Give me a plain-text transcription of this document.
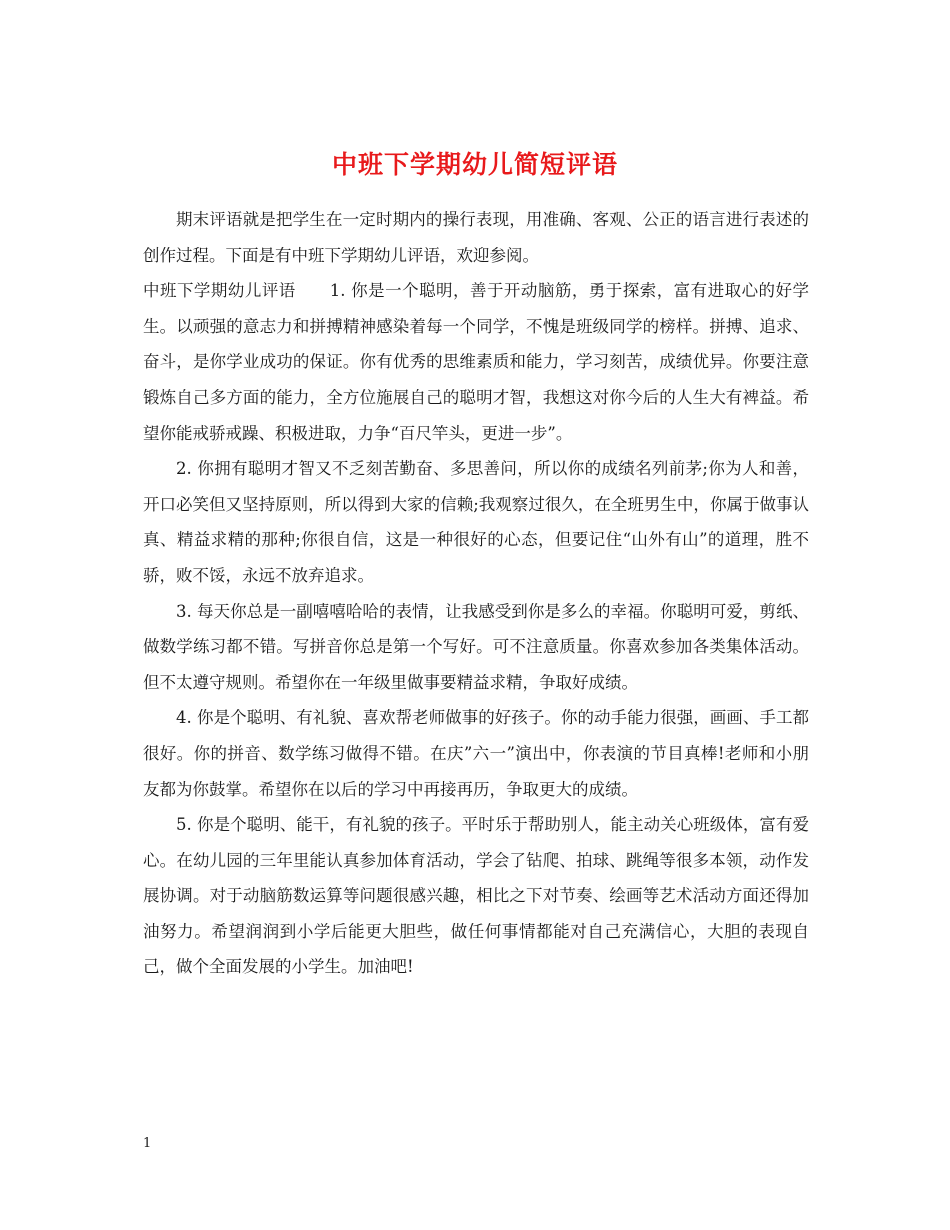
中班下学期幼儿简短评语

期末评语就是把学生在一定时期内的操行表现，用准确、客观、公正的语言进行表述的创作过程。下面是有中班下学期幼儿评语，欢迎参阅。

中班下学期幼儿评语　　1. 你是一个聪明，善于开动脑筋，勇于探索，富有进取心的好学生。以顽强的意志力和拼搏精神感染着每一个同学，不愧是班级同学的榜样。拼搏、追求、奋斗，是你学业成功的保证。你有优秀的思维素质和能力，学习刻苦，成绩优异。你要注意锻炼自己多方面的能力，全方位施展自己的聪明才智，我想这对你今后的人生大有裨益。希望你能戒骄戒躁、积极进取，力争“百尺竿头，更进一步”。

2. 你拥有聪明才智又不乏刻苦勤奋、多思善问，所以你的成绩名列前茅;你为人和善，开口必笑但又坚持原则，所以得到大家的信赖;我观察过很久，在全班男生中，你属于做事认真、精益求精的那种;你很自信，这是一种很好的心态，但要记住“山外有山”的道理，胜不骄，败不馁，永远不放弃追求。

3. 每天你总是一副嘻嘻哈哈的表情，让我感受到你是多么的幸福。你聪明可爱，剪纸、做数学练习都不错。写拼音你总是第一个写好。可不注意质量。你喜欢参加各类集体活动。但不太遵守规则。希望你在一年级里做事要精益求精，争取好成绩。

4. 你是个聪明、有礼貌、喜欢帮老师做事的好孩子。你的动手能力很强，画画、手工都很好。你的拼音、数学练习做得不错。在庆”六一”演出中，你表演的节目真棒!老师和小朋友都为你鼓掌。希望你在以后的学习中再接再历，争取更大的成绩。

5. 你是个聪明、能干，有礼貌的孩子。平时乐于帮助别人，能主动关心班级体，富有爱心。在幼儿园的三年里能认真参加体育活动，学会了钻爬、拍球、跳绳等很多本领，动作发展协调。对于动脑筋数运算等问题很感兴趣，相比之下对节奏、绘画等艺术活动方面还得加油努力。希望润润到小学后能更大胆些，做任何事情都能对自己充满信心，大胆的表现自己，做个全面发展的小学生。加油吧!

1
